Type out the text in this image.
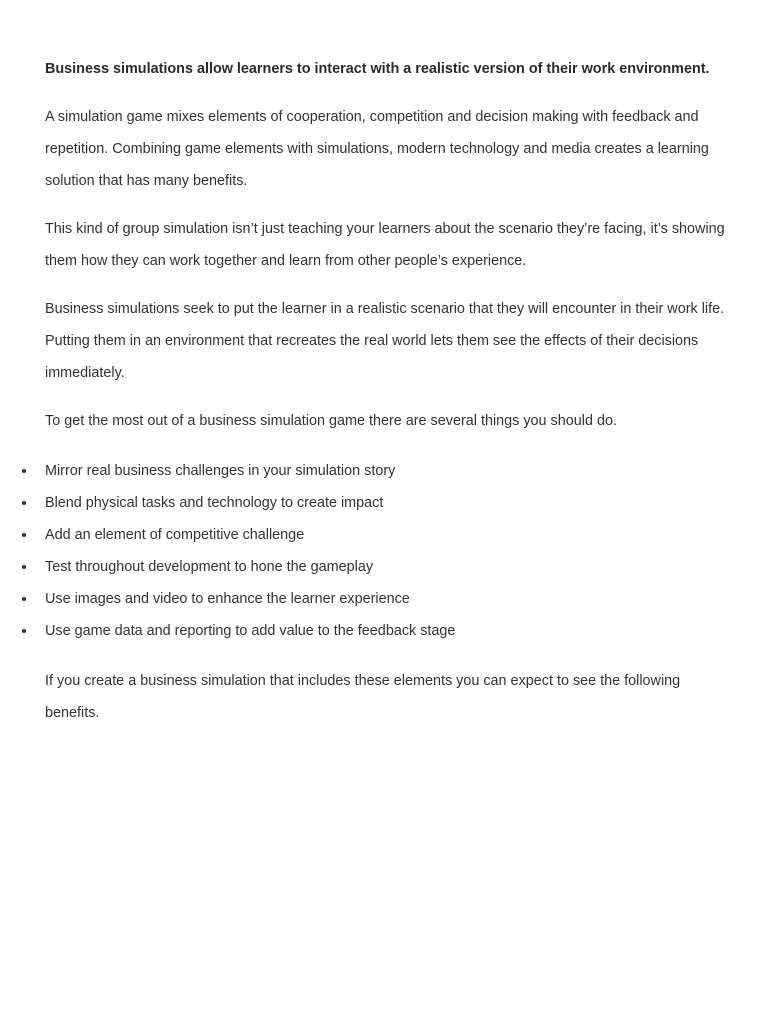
Business simulations allow learners to interact with a realistic version of their work environment.

A simulation game mixes elements of cooperation, competition and decision making with feedback and repetition. Combining game elements with simulations, modern technology and media creates a learning solution that has many benefits.

This kind of group simulation isn’t just teaching your learners about the scenario they’re facing, it’s showing them how they can work together and learn from other people’s experience.

Business simulations seek to put the learner in a realistic scenario that they will encounter in their work life. Putting them in an environment that recreates the real world lets them see the effects of their decisions immediately.

To get the most out of a business simulation game there are several things you should do.

Mirror real business challenges in your simulation story
Blend physical tasks and technology to create impact
Add an element of competitive challenge
Test throughout development to hone the gameplay
Use images and video to enhance the learner experience
Use game data and reporting to add value to the feedback stage

If you create a business simulation that includes these elements you can expect to see the following benefits.
